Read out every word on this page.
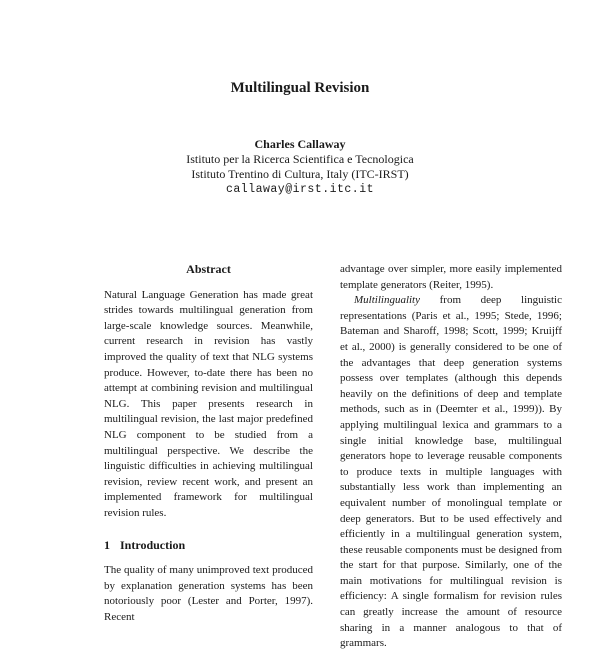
Multilingual Revision
Charles Callaway
Istituto per la Ricerca Scientifica e Tecnologica
Istituto Trentino di Cultura, Italy (ITC-IRST)
callaway@irst.itc.it
Abstract

Natural Language Generation has made great strides towards multilingual generation from large-scale knowledge sources. Meanwhile, current research in revision has vastly improved the quality of text that NLG systems produce. However, to-date there has been no attempt at combining revision and multilingual NLG. This paper presents research in multilingual revision, the last major predefined NLG component to be studied from a multilingual perspective. We describe the linguistic difficulties in achieving multilingual revision, review recent work, and present an implemented framework for multilingual revision rules.

1 Introduction

The quality of many unimproved text produced by explanation generation systems has been notoriously poor (Lester and Porter, 1997). Recent

advantage over simpler, more easily implemented template generators (Reiter, 1995).

Multilinguality from deep linguistic representations (Paris et al., 1995; Stede, 1996; Bateman and Sharoff, 1998; Scott, 1999; Kruijff et al., 2000) is generally considered to be one of the advantages that deep generation systems possess over templates (although this depends heavily on the definitions of deep and template methods, such as in (Deemter et al., 1999)). By applying multilingual lexica and grammars to a single initial knowledge base, multilingual generators hope to leverage reusable components to produce texts in multiple languages with substantially less work than implementing an equivalent number of monolingual template or deep generators. But to be used effectively and efficiently in a multilingual generation system, these reusable components must be designed from the start for that purpose. Similarly, one of the main motivations for multilingual revision is efficiency: A single formalism for revision rules can greatly increase the amount of resource sharing in a manner analogous to that of grammars.
